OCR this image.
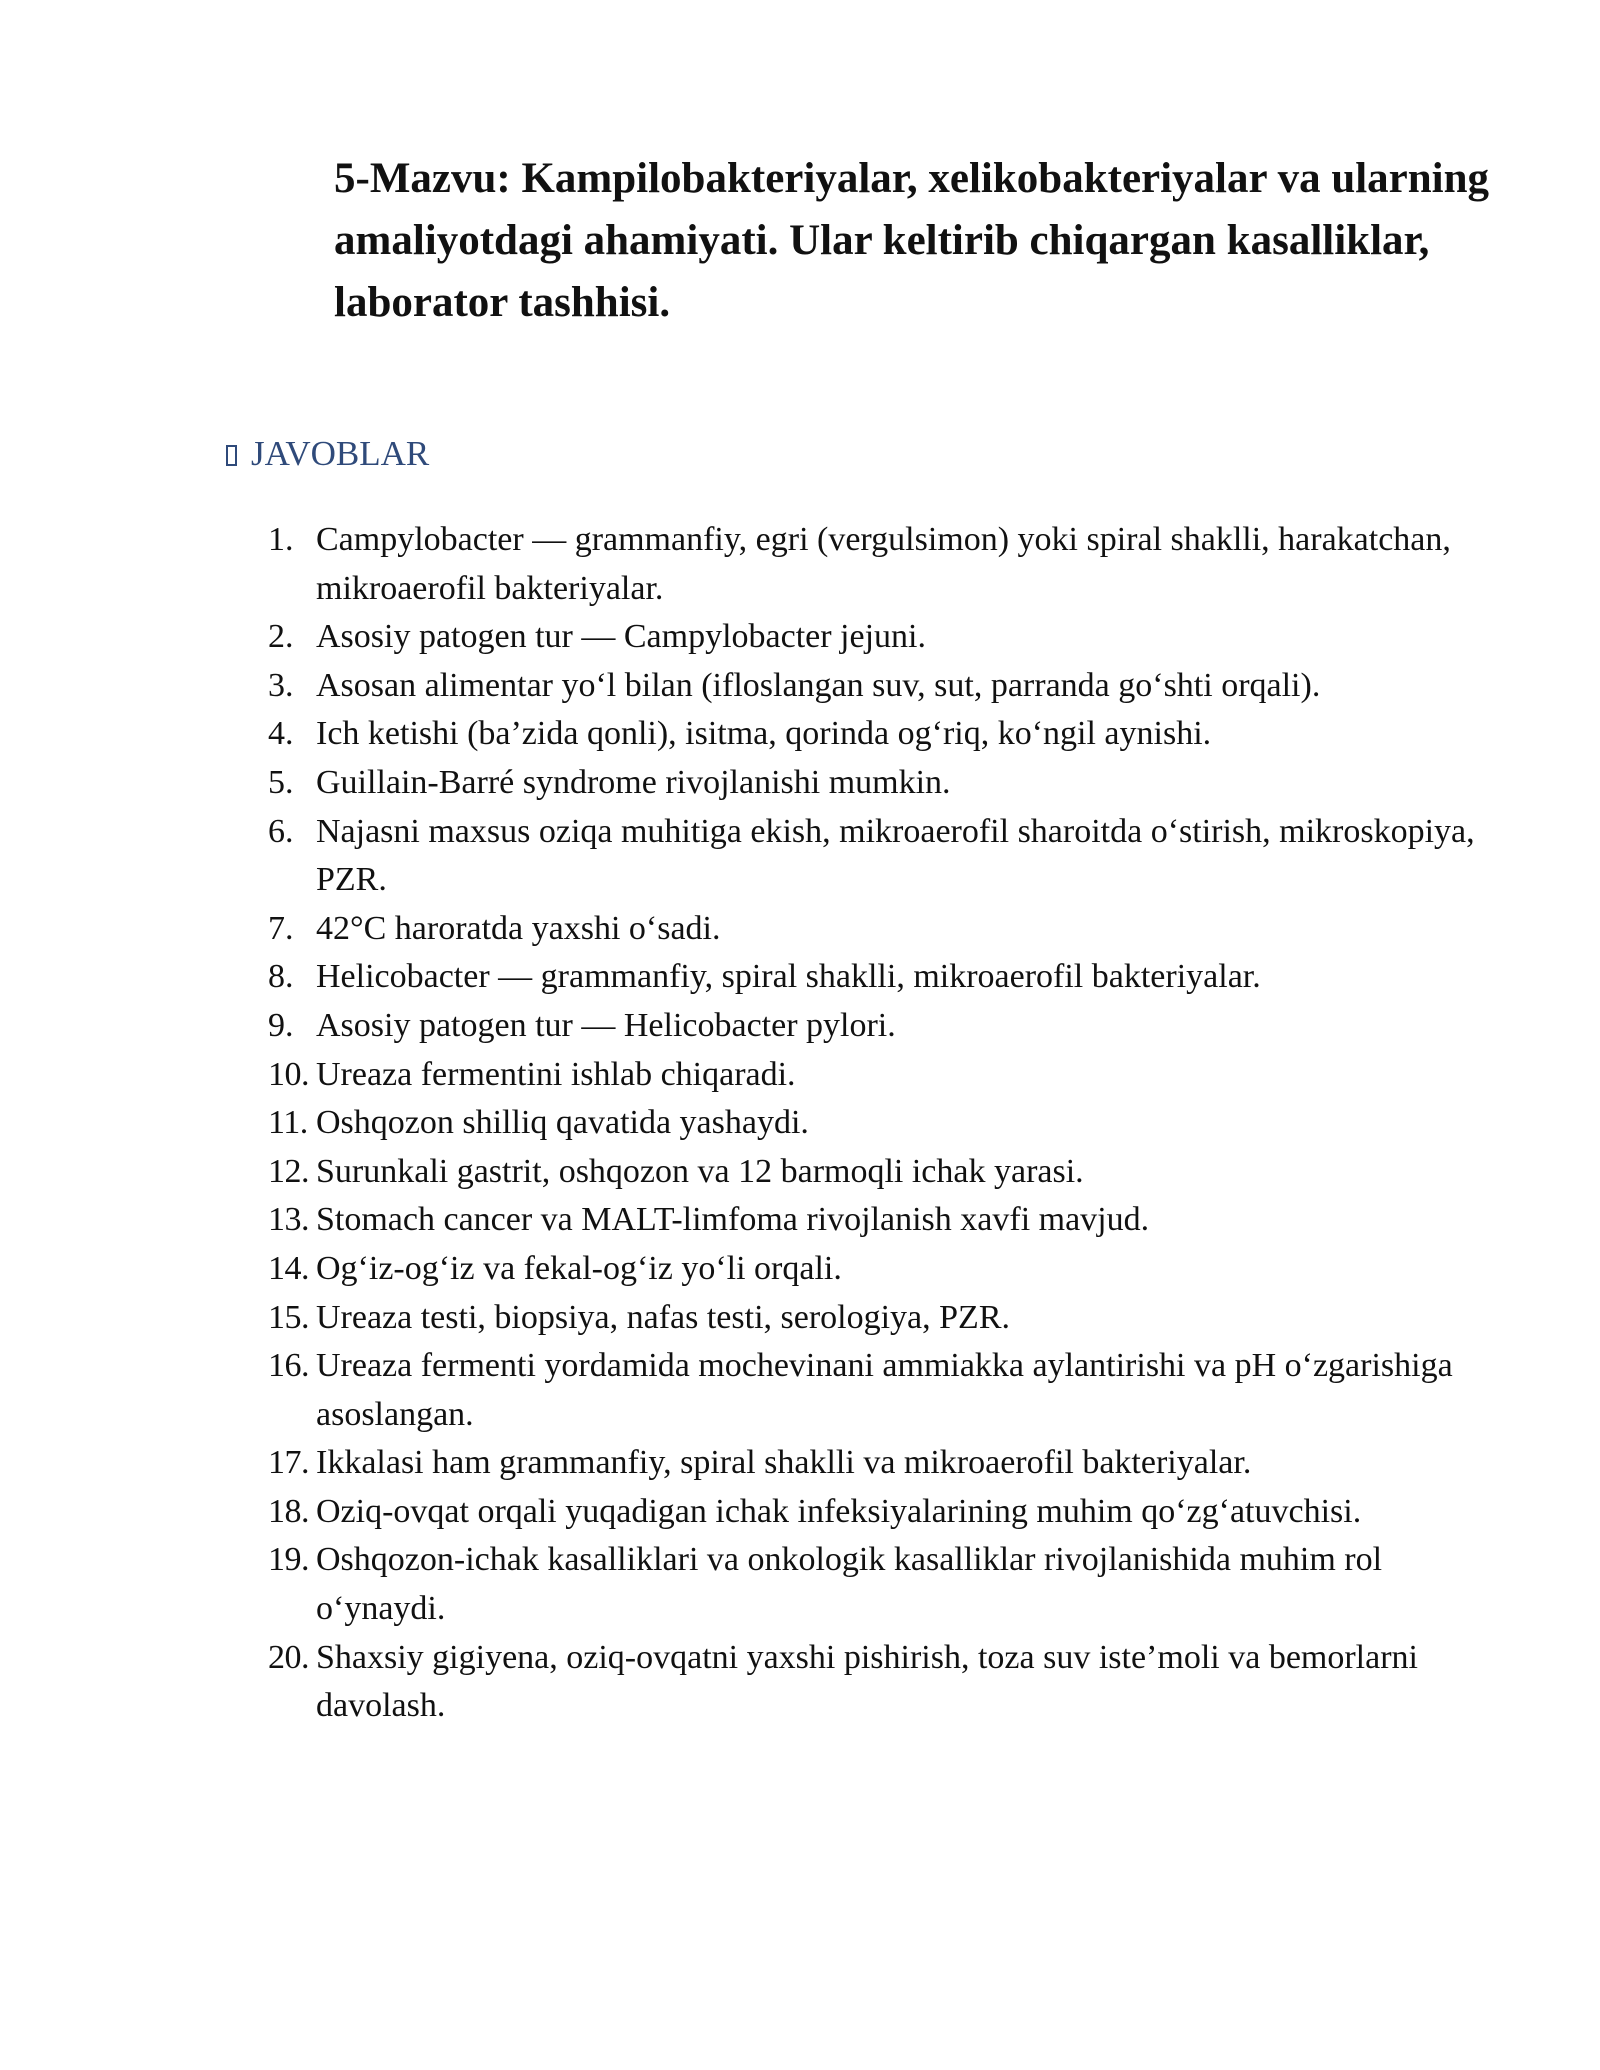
5-Mazvu: Kampilobakteriyalar, xelikobakteriyalar va ularning amaliyotdagi ahamiyati. Ular keltirib chiqargan kasalliklar, laborator tashhisi.
JAVOBLAR
1. Campylobacter — grammanfiy, egri (vergulsimon) yoki spiral shaklli, harakatchan, mikroaerofil bakteriyalar.
2. Asosiy patogen tur — Campylobacter jejuni.
3. Asosan alimentar yo‘l bilan (ifloslangan suv, sut, parranda go‘shti orqali).
4. Ich ketishi (ba’zida qonli), isitma, qorinda og‘riq, ko‘ngil aynishi.
5. Guillain-Barré syndrome rivojlanishi mumkin.
6. Najasni maxsus oziqa muhitiga ekish, mikroaerofil sharoitda o‘stirish, mikroskopiya, PZR.
7. 42°C haroratda yaxshi o‘sadi.
8. Helicobacter — grammanfiy, spiral shaklli, mikroaerofil bakteriyalar.
9. Asosiy patogen tur — Helicobacter pylori.
10. Ureaza fermentini ishlab chiqaradi.
11. Oshqozon shilliq qavatida yashaydi.
12. Surunkali gastrit, oshqozon va 12 barmoqli ichak yarasi.
13. Stomach cancer va MALT-limfoma rivojlanish xavfi mavjud.
14. Og‘iz-og‘iz va fekal-og‘iz yo‘li orqali.
15. Ureaza testi, biopsiya, nafas testi, serologiya, PZR.
16. Ureaza fermenti yordamida mochevinani ammiakka aylantirishi va pH o‘zgarishiga asoslangan.
17. Ikkalasi ham grammanfiy, spiral shaklli va mikroaerofil bakteriyalar.
18. Oziq-ovqat orqali yuqadigan ichak infeksiyalarining muhim qo‘zg‘atuvchisi.
19. Oshqozon-ichak kasalliklari va onkologik kasalliklar rivojlanishida muhim rol o‘ynaydi.
20. Shaxsiy gigiyena, oziq-ovqatni yaxshi pishirish, toza suv iste’moli va bemorlarni davolash.
